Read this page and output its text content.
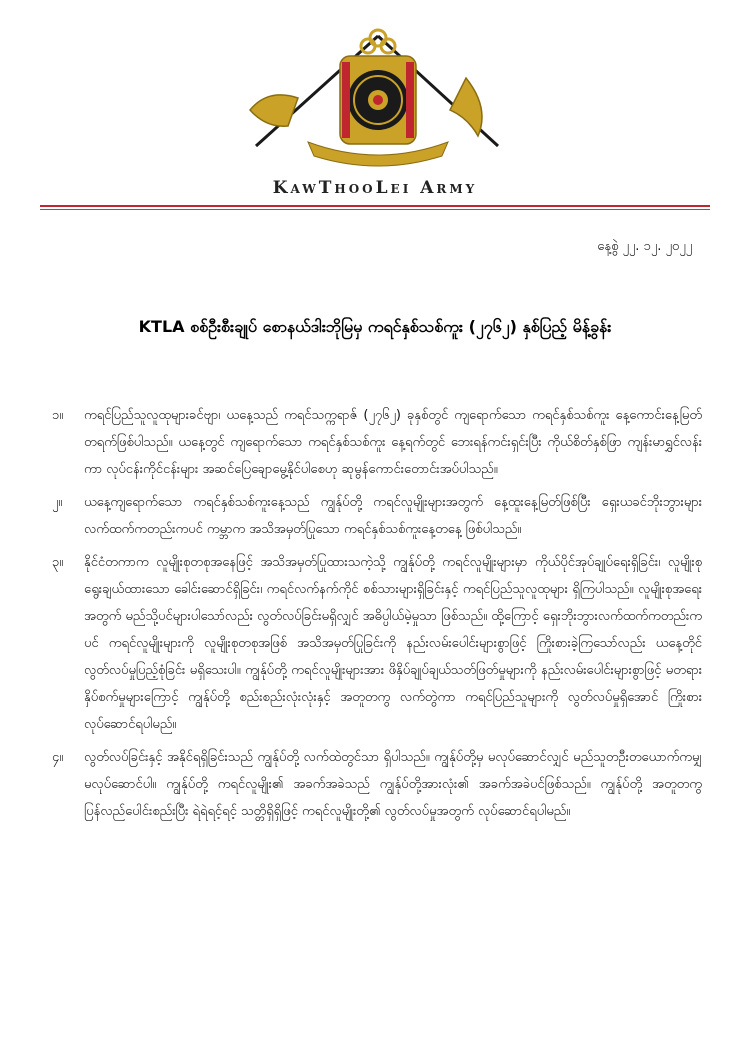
KawThooLei Army
နေ့စွဲ ၂၂. ၁၂. ၂၀၂၂
KTLA စစ်ဦးစီးချုပ် စောနယ်ဒါးဘိုမြမှ ကရင်နှစ်သစ်ကူး (၂၇၆၂) နှစ်ပြည့် မိန့်ခွန်း
၁။ ကရင်ပြည်သူလူထုများခင်ဗျာ၊ ယနေ့သည် ကရင်သက္ကရာဇ် (၂၇၆၂) ခုနှစ်တွင် ကျရောက်သော ကရင်နှစ်သစ်ကူး နေ့ကောင်းနေ့မြတ် တရက်ဖြစ်ပါသည်။ ယနေ့တွင် ကျရောက်သော ကရင်နှစ်သစ်ကူး နေ့ရက်တွင် ဘေးရန်ကင်းရှင်းပြီး ကိုယ်စိတ်နှစ်ဖြာ ကျန်းမာရွှင်လန်းကာ လုပ်ငန်းကိုင်ငန်းများ အဆင်ပြေချောမွေ့နိုင်ပါစေဟု ဆုမွန်ကောင်းတောင်းအပ်ပါသည်။

၂။ ယနေ့ကျရောက်သော ကရင်နှစ်သစ်ကူးနေ့သည် ကျွန်ုပ်တို့ ကရင်လူမျိုးများအတွက် နေ့ထူးနေ့မြတ်ဖြစ်ပြီး ရှေးယခင်ဘိုးဘွားများ လက်ထက်ကတည်းကပင် ကမ္ဘာက အသိအမှတ်ပြုသော ကရင်နှစ်သစ်ကူးနေ့တနေ့ ဖြစ်ပါသည်။

၃။ နိုင်ငံတကာက လူမျိုးစုတစုအနေဖြင့် အသိအမှတ်ပြုထားသကဲ့သို့ ကျွန်ုပ်တို့ ကရင်လူမျိုးများမှာ ကိုယ်ပိုင်အုပ်ချုပ်ရေးရှိခြင်း၊ လူမျိုးစုရွေးချယ်ထားသော ခေါင်းဆောင်ရှိခြင်း၊ ကရင်လက်နက်ကိုင် စစ်သားများရှိခြင်းနှင့် ကရင်ပြည်သူလူထုများ ရှိကြပါသည်။ လူမျိုးစုအရေးအတွက် မည်သို့ပင်များပါသော်လည်း လွတ်လပ်ခြင်းမရှိလျှင် အဓိပ္ပါယ်မဲ့မှုသာ ဖြစ်သည်။ ထို့ကြောင့် ရှေးဘိုးဘွားလက်ထက်ကတည်းကပင် ကရင်လူမျိုးများကို လူမျိုးစုတစုအဖြစ် အသိအမှတ်ပြုခြင်းကို နည်းလမ်းပေါင်းများစွာဖြင့် ကြိုးစားခဲ့ကြသော်လည်း ယနေ့တိုင် လွတ်လပ်မှုပြည့်စုံခြင်း မရှိသေးပါ။ ကျွန်ုပ်တို့ ကရင်လူမျိုးများအား ဖိနှိပ်ချုပ်ချယ်သတ်ဖြတ်မှုများကို နည်းလမ်းပေါင်းများစွာဖြင့် မတရားနှိပ်စက်မှုများကြောင့် ကျွန်ုပ်တို့ စည်းစည်းလုံးလုံးနှင့် အတူတကွ လက်တွဲကာ ကရင်ပြည်သူများကို လွတ်လပ်မှုရှိအောင် ကြိုးစားလုပ်ဆောင်ရပါမည်။

၄။ လွတ်လပ်ခြင်းနှင့် အနိုင်ရရှိခြင်းသည် ကျွန်ုပ်တို့ လက်ထဲတွင်သာ ရှိပါသည်။ ကျွန်ုပ်တို့မှ မလုပ်ဆောင်လျှင် မည်သူတဦးတယောက်ကမျှ မလုပ်ဆောင်ပါ။ ကျွန်ုပ်တို့ ကရင်လူမျိုး၏ အခက်အခဲသည် ကျွန်ုပ်တို့အားလုံး၏ အခက်အခဲပင်ဖြစ်သည်။ ကျွန်ုပ်တို့ အတူတကွ ပြန်လည်ပေါင်းစည်းပြီး ရဲရဲရင့်ရင့် သတ္တိရှိရှိဖြင့် ကရင်လူမျိုးတို့၏ လွတ်လပ်မှုအတွက် လုပ်ဆောင်ရပါမည်။
